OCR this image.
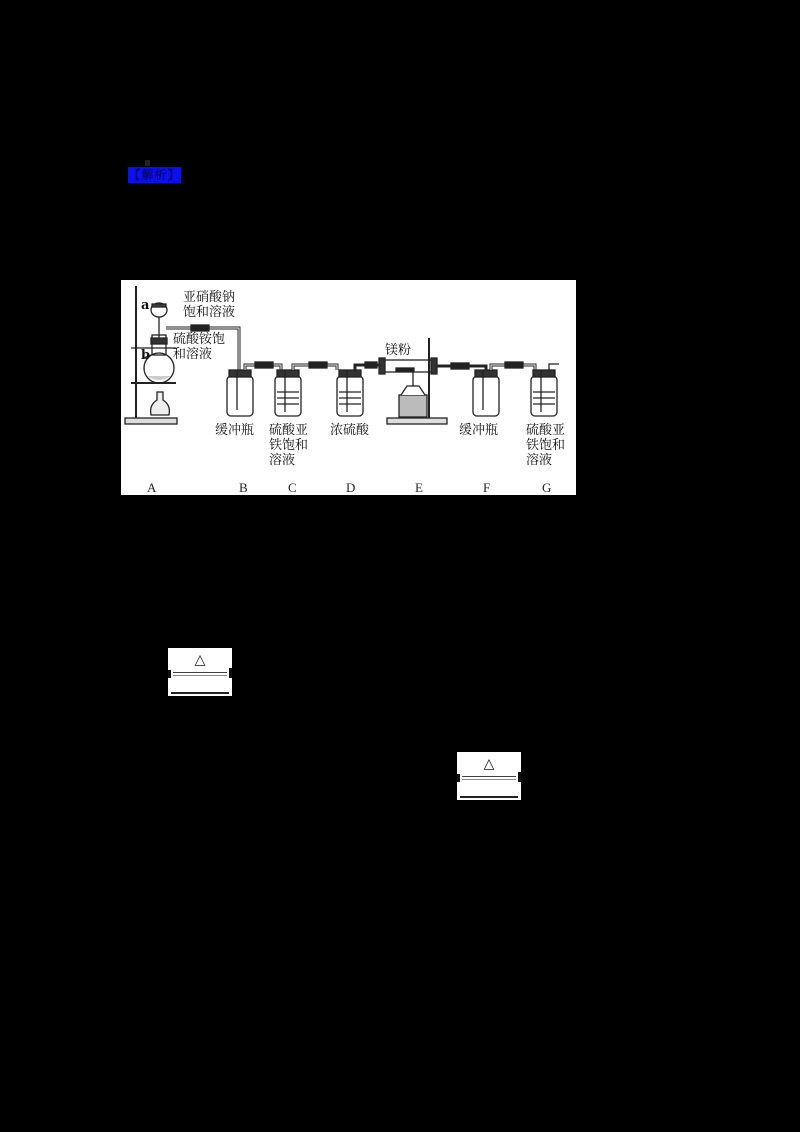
【解析】
亚硝酸钠
饱和溶液
a
硫酸铵饱
和溶液
b	镁粉
缓冲瓶 硫酸亚
铁饱和
溶液
浓硫酸	缓冲瓶 硫酸亚
铁饱和
溶液
A	B	C	D	E	F	G
△
△
